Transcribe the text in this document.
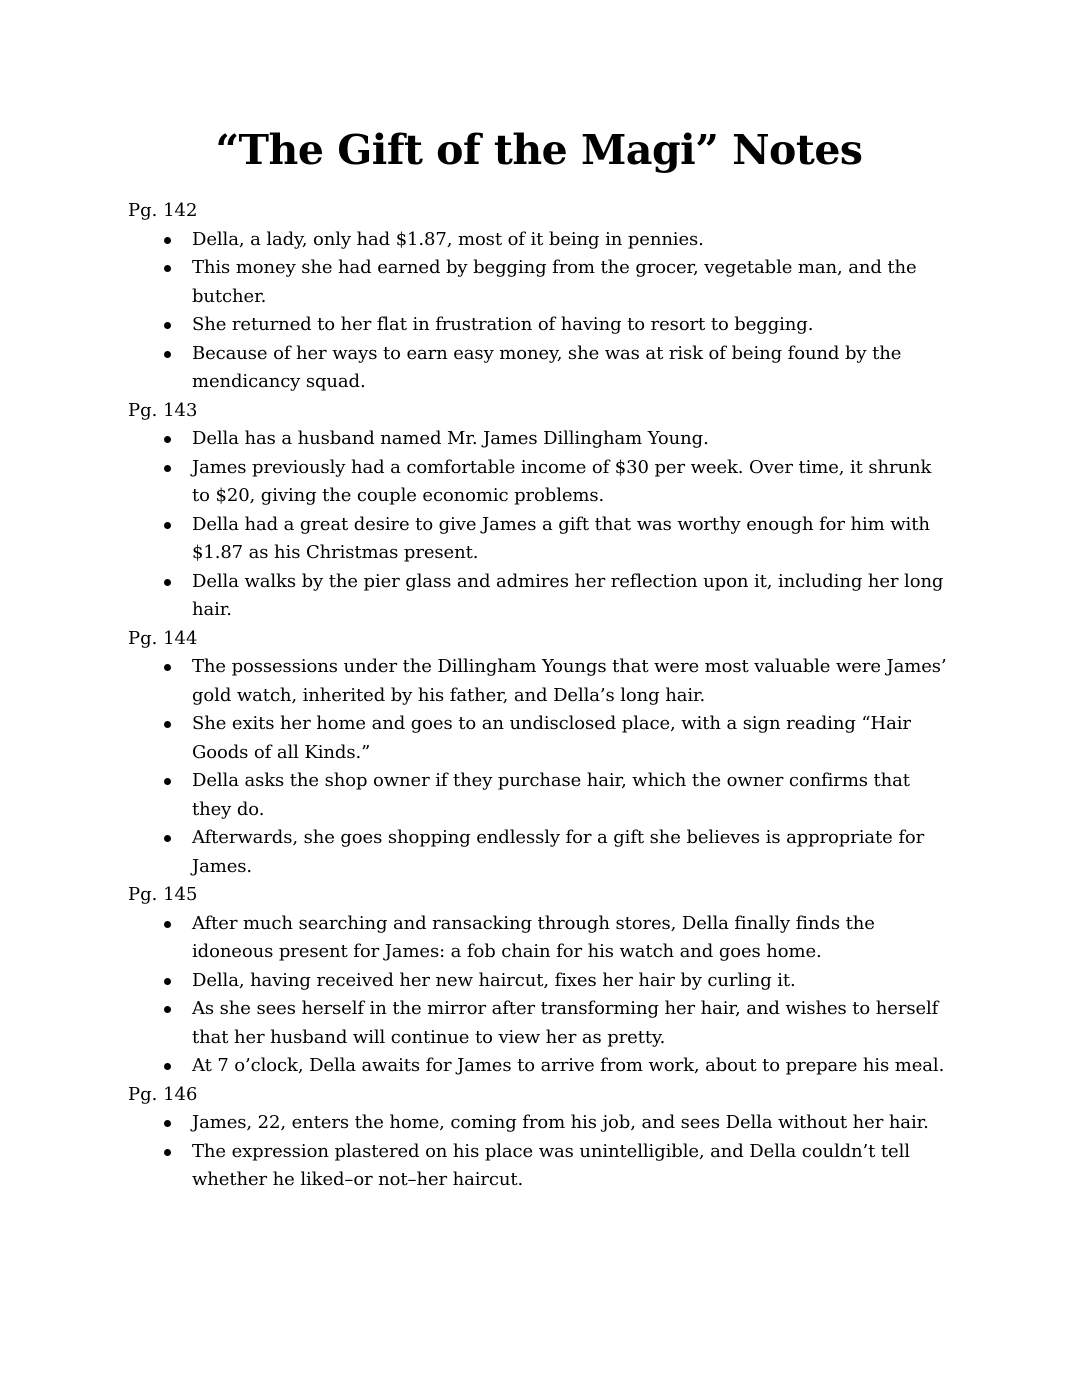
“The Gift of the Magi” Notes
Pg. 142
Della, a lady, only had $1.87, most of it being in pennies.
This money she had earned by begging from the grocer, vegetable man, and the butcher.
She returned to her flat in frustration of having to resort to begging.
Because of her ways to earn easy money, she was at risk of being found by the mendicancy squad.
Pg. 143
Della has a husband named Mr. James Dillingham Young.
James previously had a comfortable income of $30 per week. Over time, it shrunk to $20, giving the couple economic problems.
Della had a great desire to give James a gift that was worthy enough for him with $1.87 as his Christmas present.
Della walks by the pier glass and admires her reflection upon it, including her long hair.
Pg. 144
The possessions under the Dillingham Youngs that were most valuable were James’ gold watch, inherited by his father, and Della’s long hair.
She exits her home and goes to an undisclosed place, with a sign reading “Hair Goods of all Kinds.”
Della asks the shop owner if they purchase hair, which the owner confirms that they do.
Afterwards, she goes shopping endlessly for a gift she believes is appropriate for James.
Pg. 145
After much searching and ransacking through stores, Della finally finds the idoneous present for James: a fob chain for his watch and goes home.
Della, having received her new haircut, fixes her hair by curling it.
As she sees herself in the mirror after transforming her hair, and wishes to herself that her husband will continue to view her as pretty.
At 7 o’clock, Della awaits for James to arrive from work, about to prepare his meal.
Pg. 146
James, 22, enters the home, coming from his job, and sees Della without her hair.
The expression plastered on his place was unintelligible, and Della couldn’t tell whether he liked–or not–her haircut.
